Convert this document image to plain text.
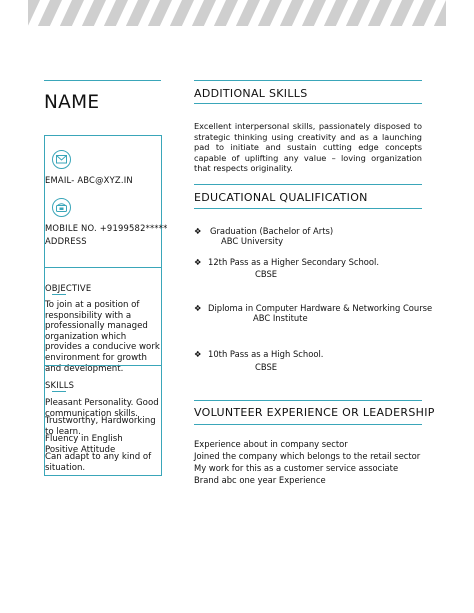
NAME
EMAIL- ABC@XYZ.IN
MOBILE NO. +9199582*****
ADDRESS
OBJECTIVE
To join at a position of responsibility with a professionally managed organization which provides a conducive work environment for growth and development.
SKILLS
Pleasant Personality. Good communication skills.
Trustworthy, Hardworking to learn.
Fluency in English Positive Attitude
Can adapt to any kind of situation.
ADDITIONAL SKILLS
Excellent interpersonal skills, passionately disposed to strategic thinking using creativity and as a launching pad to initiate and sustain cutting edge concepts capable of uplifting any value – loving organization that respects originality.
EDUCATIONAL QUALIFICATION
❖ Graduation (Bachelor of Arts)
ABC University
❖ 12th Pass as a Higher Secondary School.
CBSE
❖ Diploma in Computer Hardware & Networking Course
ABC Institute
❖ 10th Pass as a High School.
CBSE
VOLUNTEER EXPERIENCE OR LEADERSHIP
Experience about in company sector
Joined the company which belongs to the retail sector
My work for this as a customer service associate
Brand abc one year Experience
